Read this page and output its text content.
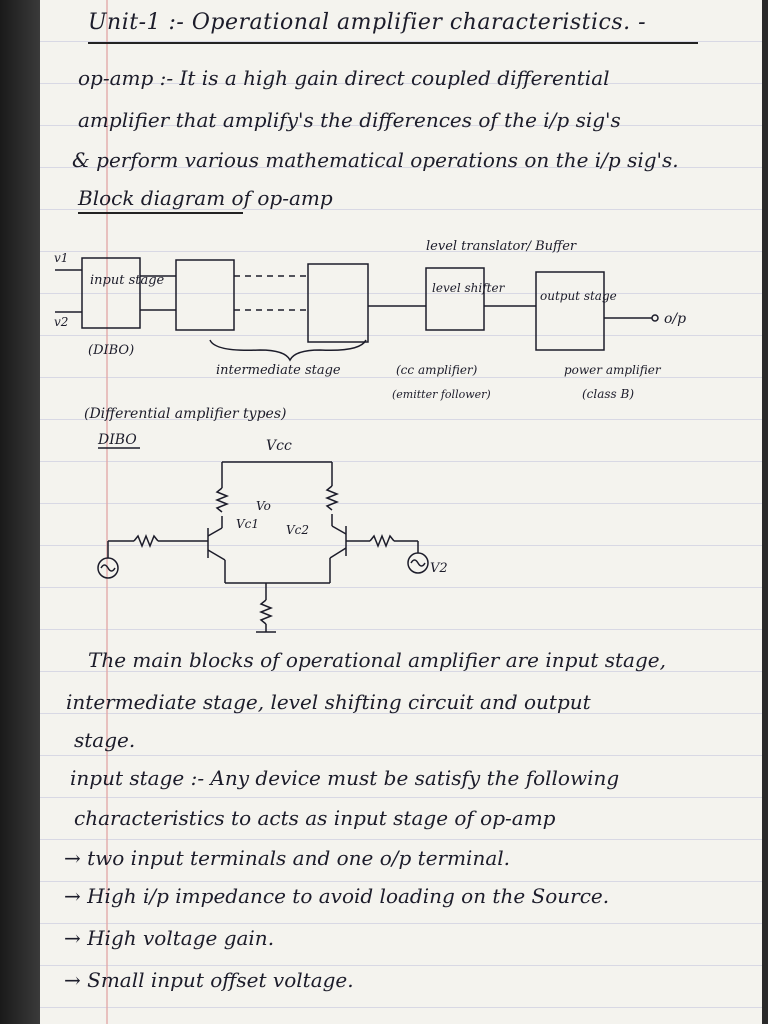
Unit-1 :- Operational amplifier characteristics. -
op-amp :- It is a high gain direct coupled differential
amplifier that amplify's the differences of the i/p sig's
& perform various mathematical operations on the i/p sig's.
Block diagram of op-amp
v1
v2
input stage
(DIBO)
level translator/ Buffer
level shifter
output stage
o/p
intermediate stage	(cc amplifier)
(emitter follower)
power amplifier
(class B)
(Differential amplifier types)
DIBO	Vcc
Vo
Vc1 Vc2
V2
The main blocks of operational amplifier are input stage,
intermediate stage, level shifting circuit and output
stage.
input stage :- Any device must be satisfy the following
characteristics to acts as input stage of op-amp
→ two input terminals and one o/p terminal.
→ High i/p impedance to avoid loading on the Source.
→ High voltage gain.
→ Small input offset voltage.
